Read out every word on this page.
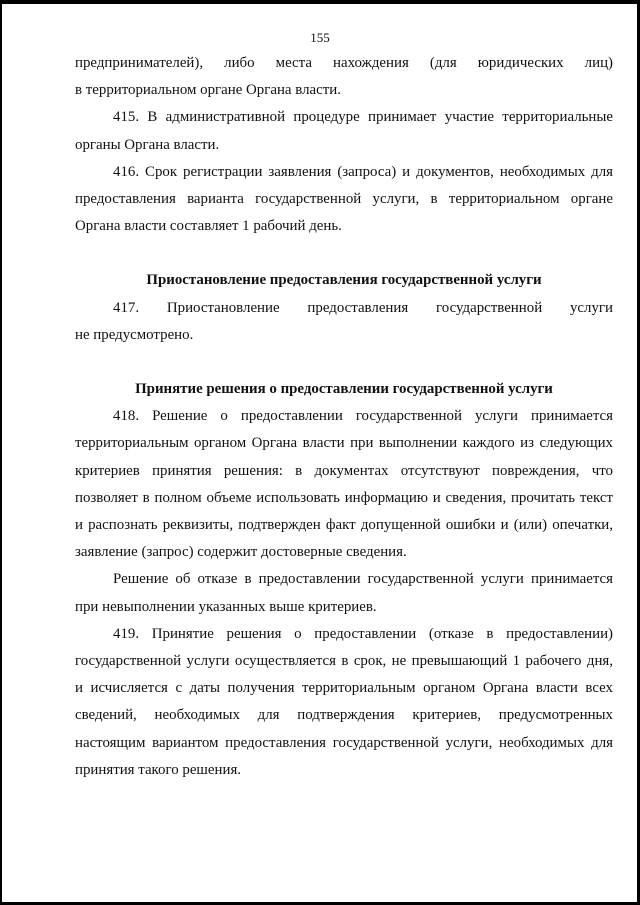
155

предпринимателей), либо места нахождения (для юридических лиц)
в территориальном органе Органа власти.

415. В административной процедуре принимает участие территориальные
органы Органа власти.

416. Срок регистрации заявления (запроса) и документов, необходимых для
предоставления варианта государственной услуги, в территориальном органе
Органа власти составляет 1 рабочий день.

Приостановление предоставления государственной услуги

417. Приостановление предоставления государственной услуги
не предусмотрено.

Принятие решения о предоставлении государственной услуги

418. Решение о предоставлении государственной услуги принимается
территориальным органом Органа власти при выполнении каждого из следующих
критериев принятия решения: в документах отсутствуют повреждения, что
позволяет в полном объеме использовать информацию и сведения, прочитать текст
и распознать реквизиты, подтвержден факт допущенной ошибки и (или) опечатки,
заявление (запрос) содержит достоверные сведения.

Решение об отказе в предоставлении государственной услуги принимается
при невыполнении указанных выше критериев.

419. Принятие решения о предоставлении (отказе в предоставлении)
государственной услуги осуществляется в срок, не превышающий 1 рабочего дня,
и исчисляется с даты получения территориальным органом Органа власти всех
сведений, необходимых для подтверждения критериев, предусмотренных
настоящим вариантом предоставления государственной услуги, необходимых для
принятия такого решения.
